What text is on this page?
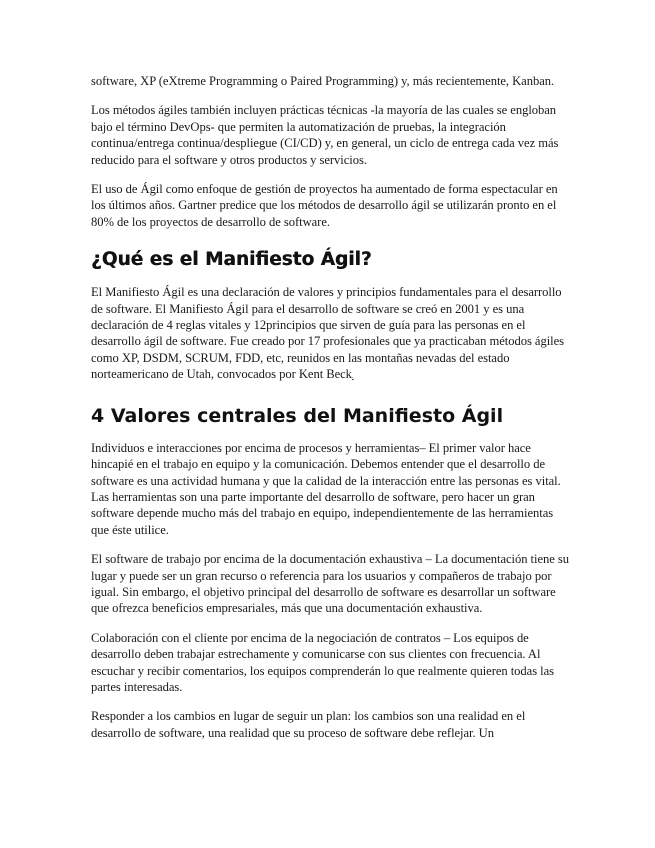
software, XP (eXtreme Programming o Paired Programming) y, más recientemente, Kanban.

Los métodos ágiles también incluyen prácticas técnicas -la mayoría de las cuales se engloban bajo el término DevOps- que permiten la automatización de pruebas, la integración continua/entrega continua/despliegue (CI/CD) y, en general, un ciclo de entrega cada vez más reducido para el software y otros productos y servicios.

El uso de Ágil como enfoque de gestión de proyectos ha aumentado de forma espectacular en los últimos años. Gartner predice que los métodos de desarrollo ágil se utilizarán pronto en el 80% de los proyectos de desarrollo de software.

¿Qué es el Manifiesto Ágil?

El Manifiesto Ágil es una declaración de valores y principios fundamentales para el desarrollo de software. El Manifiesto Ágil para el desarrollo de software se creó en 2001 y es una declaración de 4 reglas vitales y 12principios que sirven de guía para las personas en el desarrollo ágil de software. Fue creado por 17 profesionales que ya practicaban métodos ágiles como XP, DSDM, SCRUM, FDD, etc, reunidos en las montañas nevadas del estado norteamericano de Utah, convocados por Kent Beck.

4 Valores centrales del Manifiesto Ágil

Individuos e interacciones por encima de procesos y herramientas– El primer valor hace hincapié en el trabajo en equipo y la comunicación. Debemos entender que el desarrollo de software es una actividad humana y que la calidad de la interacción entre las personas es vital. Las herramientas son una parte importante del desarrollo de software, pero hacer un gran software depende mucho más del trabajo en equipo, independientemente de las herramientas que éste utilice.

El software de trabajo por encima de la documentación exhaustiva – La documentación tiene su lugar y puede ser un gran recurso o referencia para los usuarios y compañeros de trabajo por igual. Sin embargo, el objetivo principal del desarrollo de software es desarrollar un software que ofrezca beneficios empresariales, más que una documentación exhaustiva.

Colaboración con el cliente por encima de la negociación de contratos – Los equipos de desarrollo deben trabajar estrechamente y comunicarse con sus clientes con frecuencia. Al escuchar y recibir comentarios, los equipos comprenderán lo que realmente quieren todas las partes interesadas.

Responder a los cambios en lugar de seguir un plan: los cambios son una realidad en el desarrollo de software, una realidad que su proceso de software debe reflejar. Un
